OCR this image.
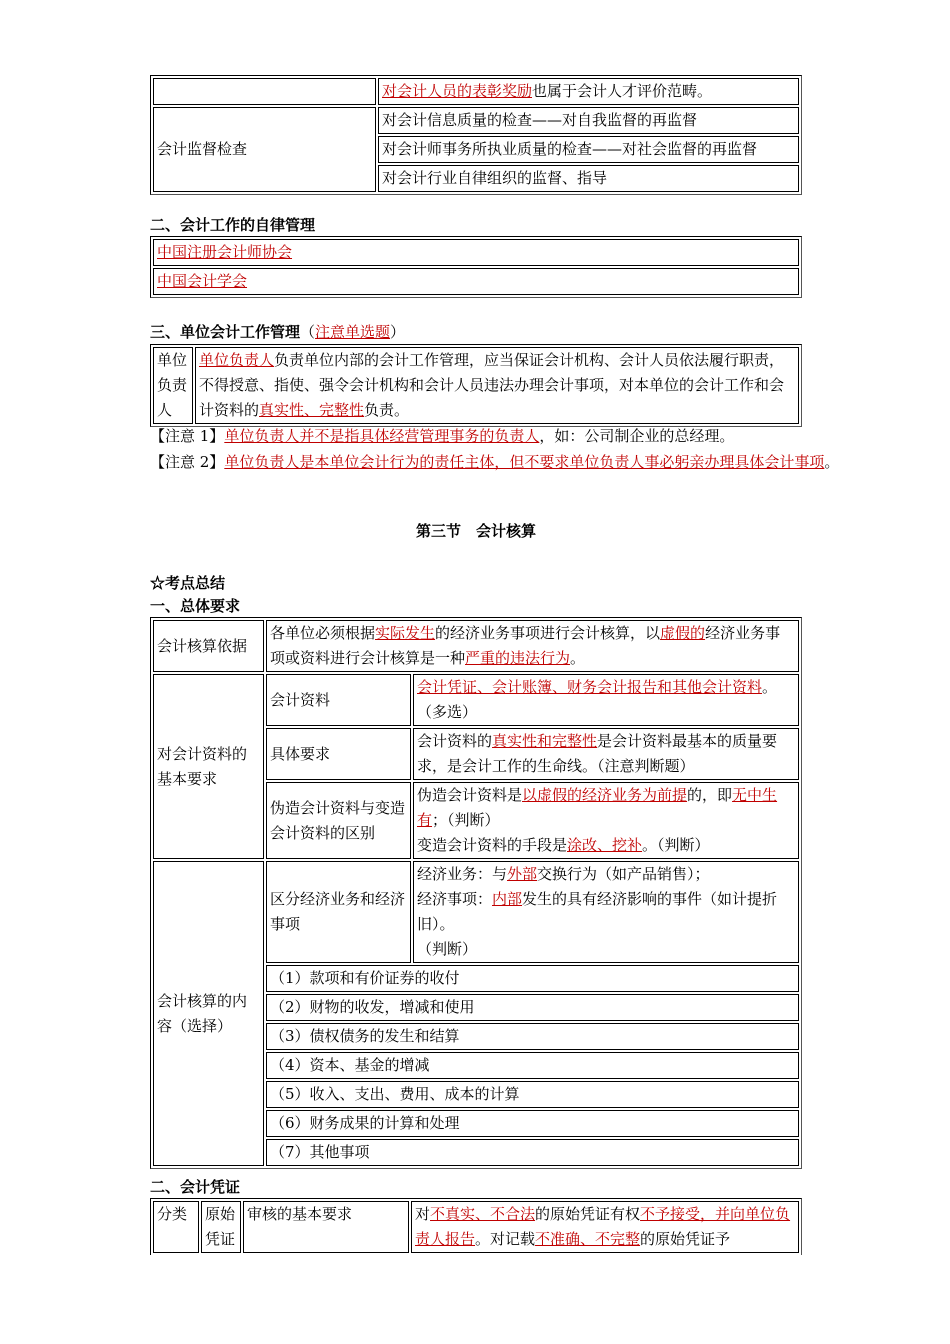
	对会计人员的表彰奖励也属于会计人才评价范畴。
会计监督检查	对会计信息质量的检查——对自我监督的再监督
	对会计师事务所执业质量的检查——对社会监督的再监督
	对会计行业自律组织的监督、指导
二、会计工作的自律管理
中国注册会计师协会
中国会计学会
三、单位会计工作管理（注意单选题）
单位负责人	单位负责人负责单位内部的会计工作管理，应当保证会计机构、会计人员依法履行职责，不得授意、指使、强令会计机构和会计人员违法办理会计事项，对本单位的会计工作和会计资料的真实性、完整性负责。
【注意 1】单位负责人并不是指具体经营管理事务的负责人，如：公司制企业的总经理。
【注意 2】单位负责人是本单位会计行为的责任主体，但不要求单位负责人事必躬亲办理具体会计事项。
第三节　会计核算
☆考点总结
一、总体要求
会计核算依据	各单位必须根据实际发生的经济业务事项进行会计核算，以虚假的经济业务事项或资料进行会计核算是一种严重的违法行为。	
对会计资料的基本要求	会计资料	会计凭证、会计账簿、财务会计报告和其他会计资料。（多选）
	具体要求	会计资料的真实性和完整性是会计资料最基本的质量要求，是会计工作的生命线。（注意判断题）
	伪造会计资料与变造会计资料的区别	伪造会计资料是以虚假的经济业务为前提的，即无中生有；（判断）
变造会计资料的手段是涂改、挖补。（判断）
会计核算的内容（选择）	区分经济业务和经济事项	经济业务：与外部交换行为（如产品销售）；
经济事项：内部发生的具有经济影响的事件（如计提折旧）。
（判断）
	（1）款项和有价证券的收付	
	（2）财物的收发，增减和使用	
	（3）债权债务的发生和结算	
	（4）资本、基金的增减	
	（5）收入、支出、费用、成本的计算	
	（6）财务成果的计算和处理	
	（7）其他事项	
二、会计凭证
分类	原始凭证	审核的基本要求	对不真实、不合法的原始凭证有权不予接受，并向单位负责人报告。对记载不准确、不完整的原始凭证予
